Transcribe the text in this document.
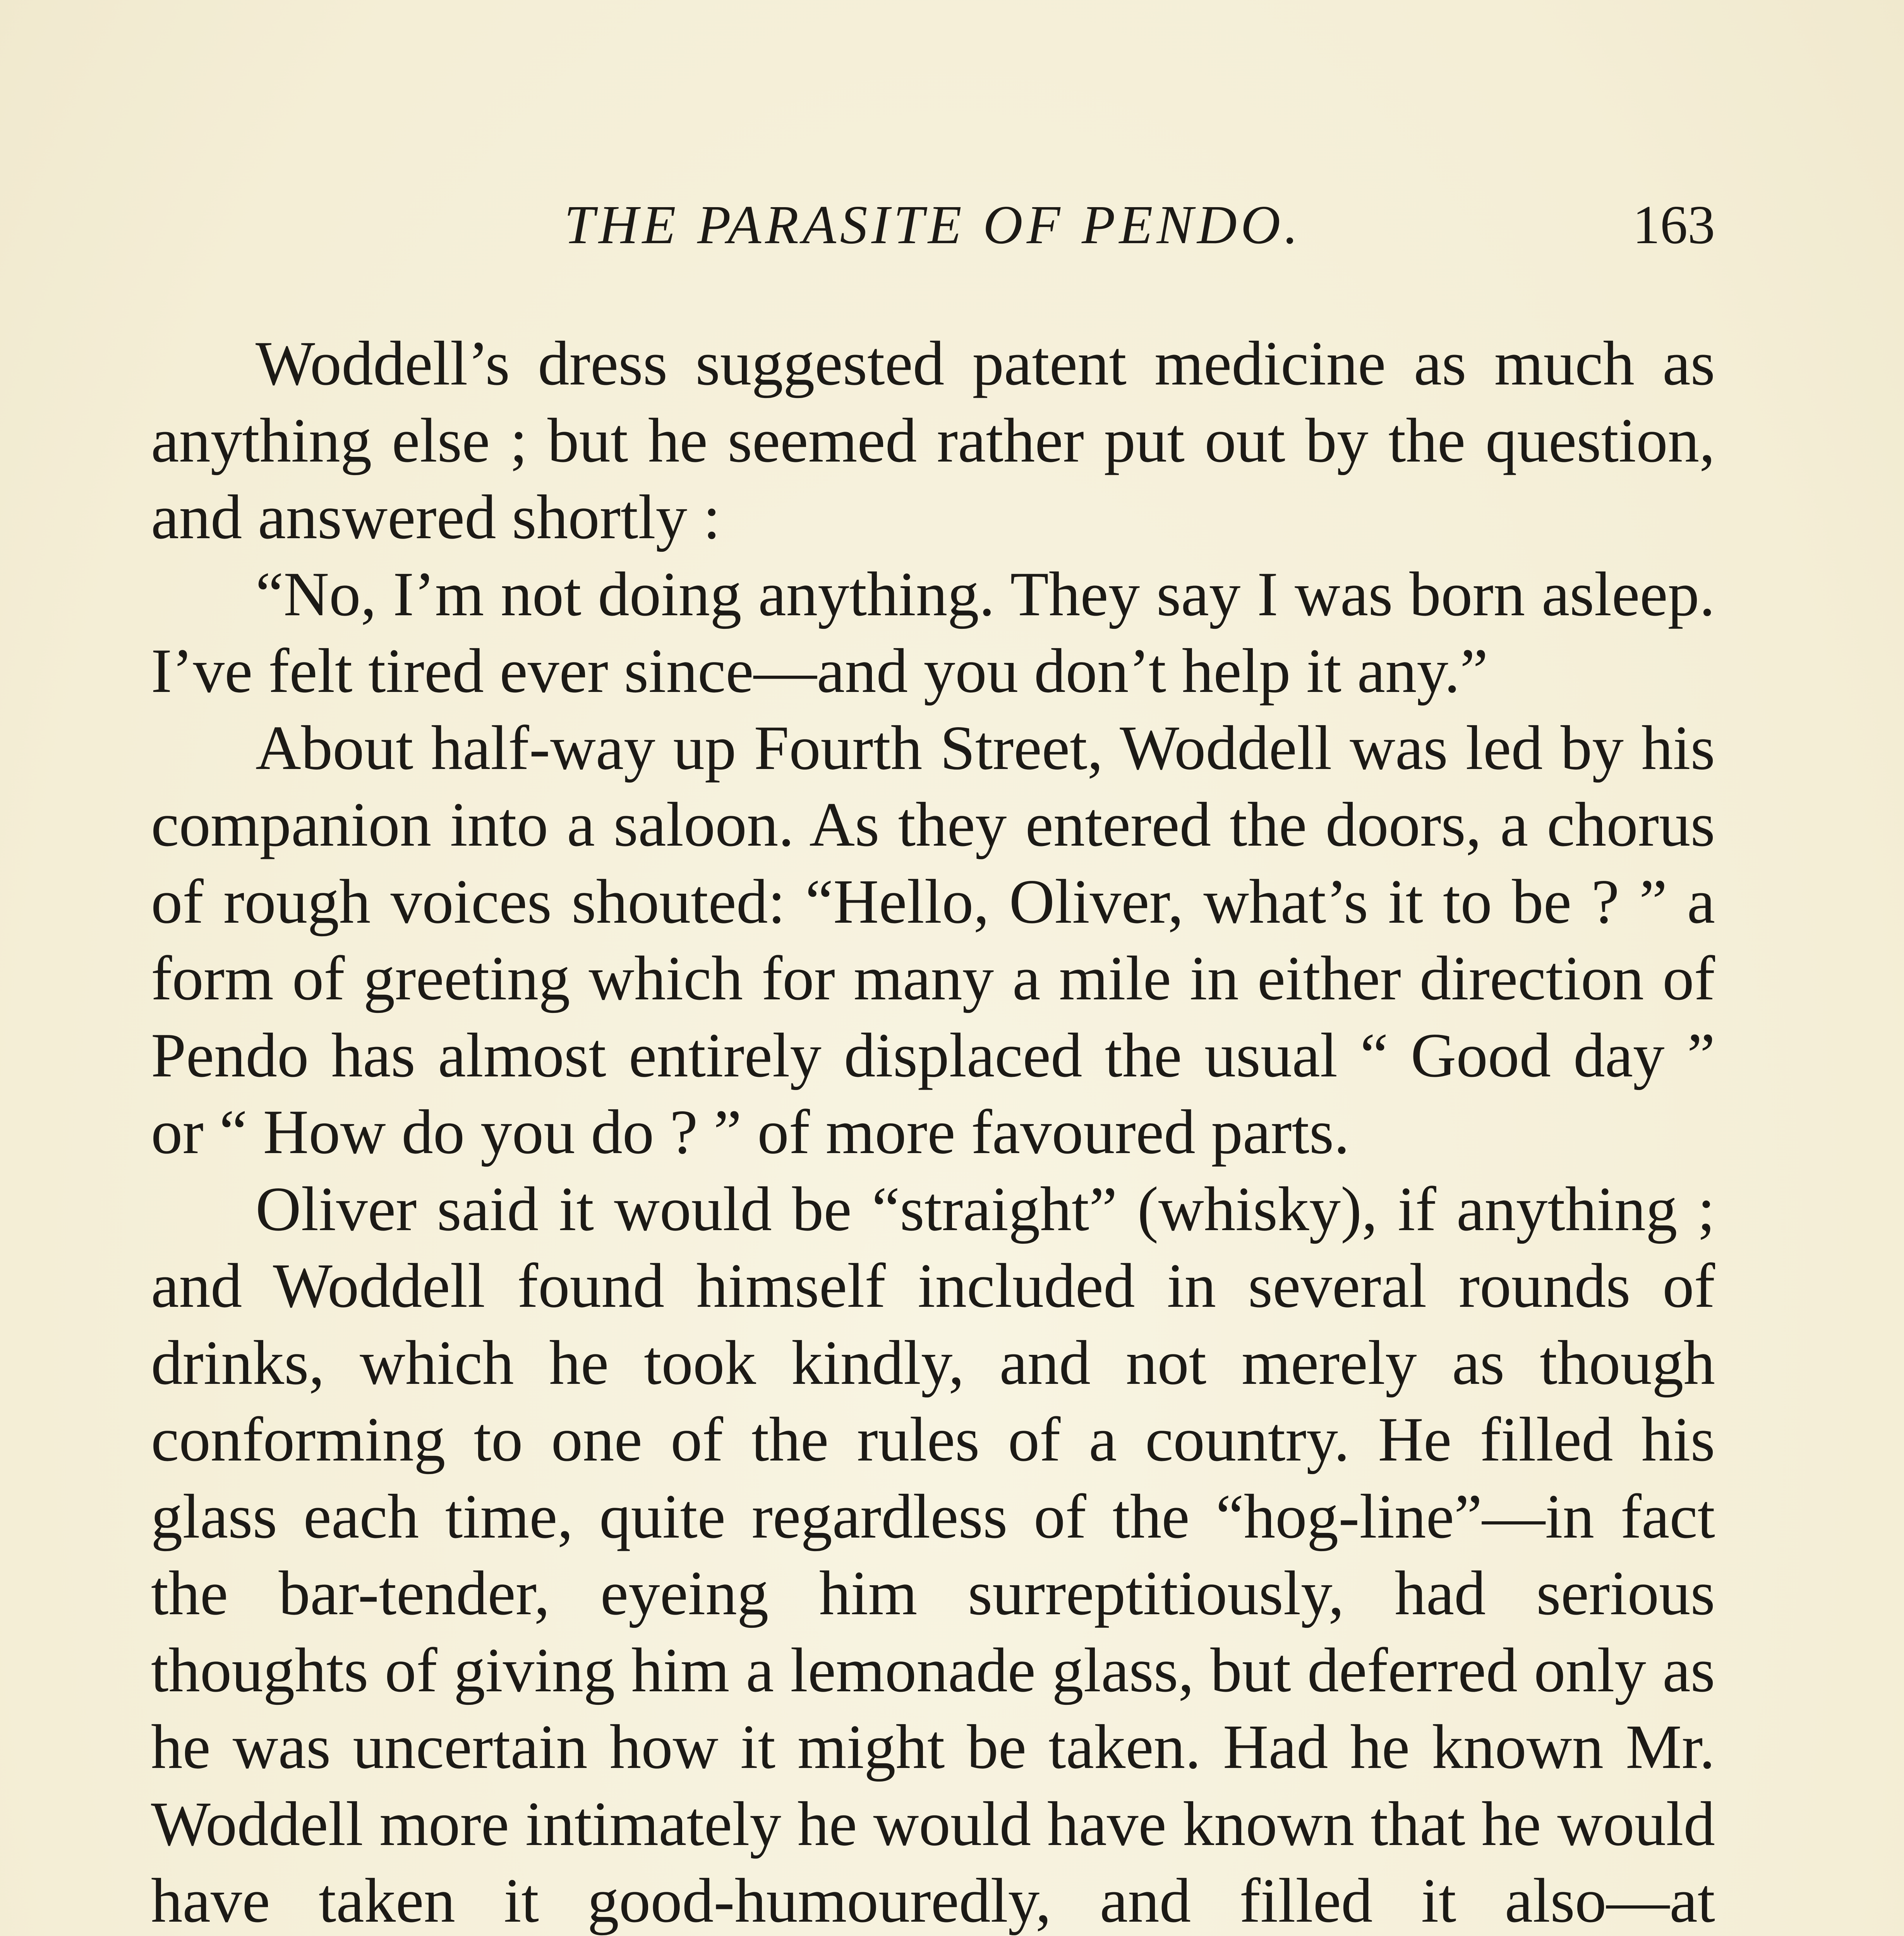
THE PARASITE OF PENDO.	163

Woddell’s dress suggested patent medicine as much as anything else ; but he seemed rather put out by the question, and answered shortly :

“No, I’m not doing anything. They say I was born asleep. I’ve felt tired ever since—and you don’t help it any.”

About half-way up Fourth Street, Woddell was led by his companion into a saloon. As they entered the doors, a chorus of rough voices shouted: “Hello, Oliver, what’s it to be ? ” a form of greeting which for many a mile in either direction of Pendo has almost entirely displaced the usual “ Good day ” or “ How do you do ? ” of more favoured parts.

Oliver said it would be “straight” (whisky), if anything ; and Woddell found himself included in several rounds of drinks, which he took kindly, and not merely as though conforming to one of the rules of a country. He filled his glass each time, quite regardless of the “hog-line”—in fact the bar-tender, eyeing him surreptitiously, had serious thoughts of giving him a lemonade glass, but deferred only as he was uncertain how it might be taken. Had he known Mr. Woddell more intimately he would have known that he would have taken it good-humouredly, and filled it also—at
